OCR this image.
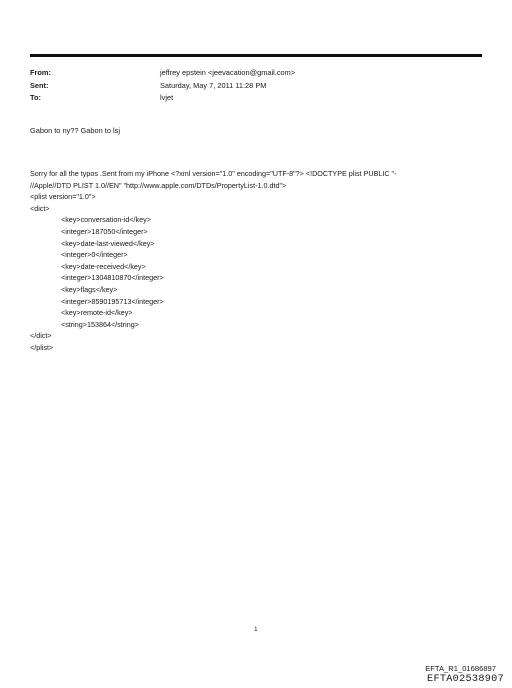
From:	jeffrey epstein <jeevacation@gmail.com>
Sent:	Saturday, May 7, 2011 11:28 PM
To:	lvjet
Gabon to ny?? Gabon to lsj
Sorry for all the typos .Sent from my iPhone <?xml version="1.0" encoding="UTF-8"?> <!DOCTYPE plist PUBLIC "-
//Apple//DTD PLIST 1.0//EN" "http://www.apple.com/DTDs/PropertyList-1.0.dtd">
<plist version="1.0">
<dict>
<key>conversation-id</key>
<integer>187050</integer>
<key>date-last-viewed</key>
<integer>0</integer>
<key>date-received</key>
<integer>1304810870</integer>
<key>flags</key>
<integer>8590195713</integer>
<key>remote-id</key>
<string>153864</string>
</dict>
</plist>
1
EFTA_R1_01686897
EFTA02538907
